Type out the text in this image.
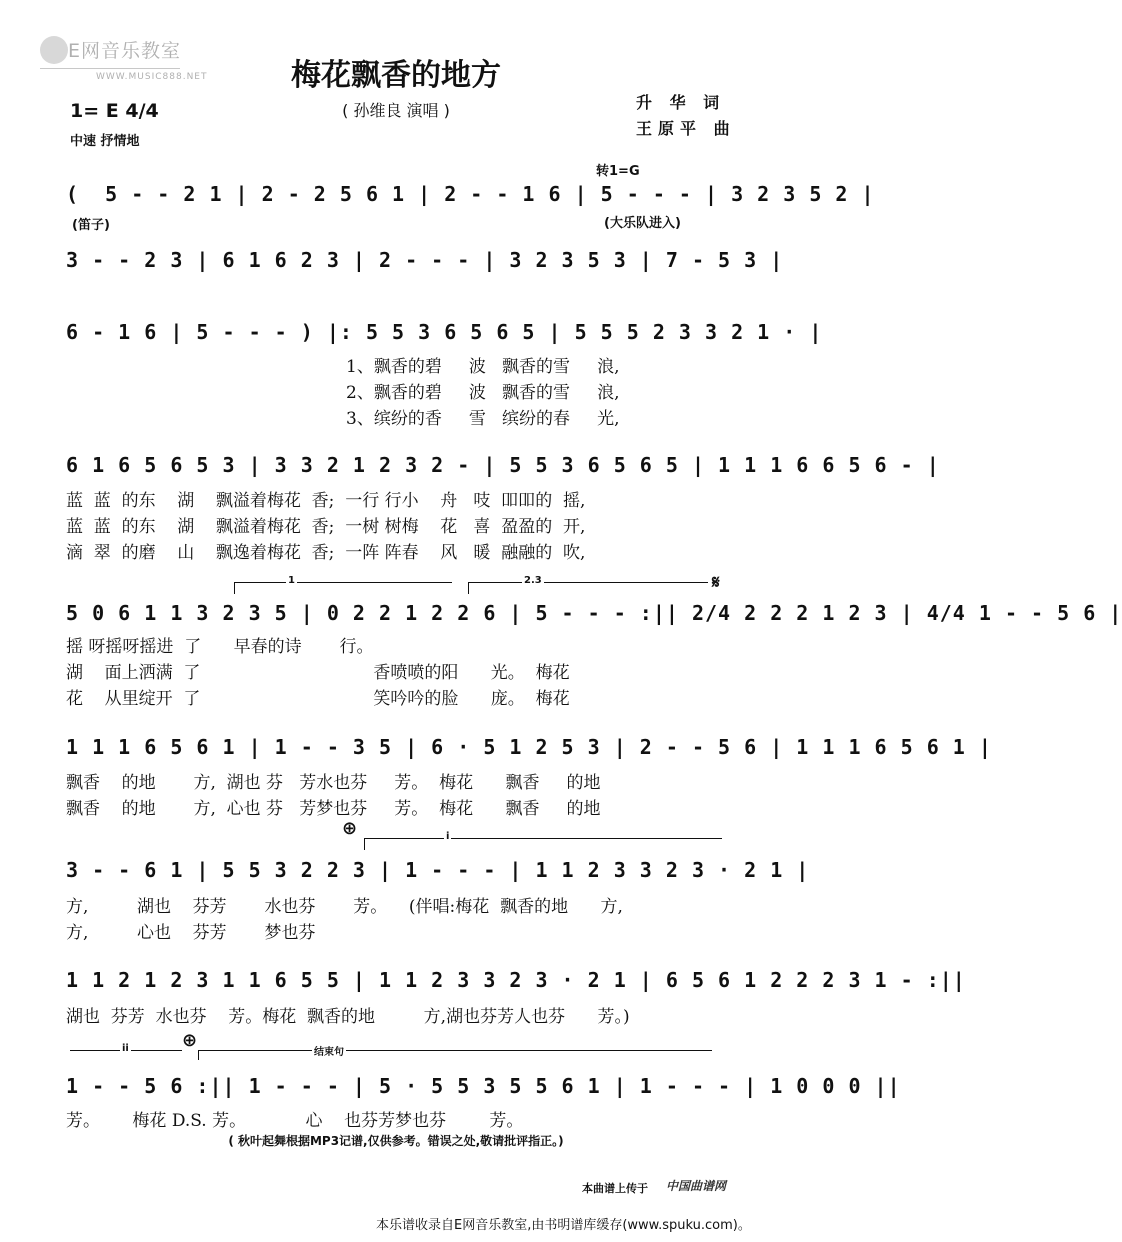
E网音乐教室
WWW.MUSIC888.NET	梅花飘香的地方
( 孙维良 演唱 )
1= E 4/4
中速 抒情地
升 华 词
王原平 曲
转1=G
(  5 - - 2 1 | 2 - 2 5 6 1 | 2 - - 1 6 | 5 - - - | 3 2 3 5 2 |
(笛子)	(大乐队进入)
3 - - 2 3 | 6 1 6 2 3 | 2 - - - | 3 2 3 5 3 | 7 - 5 3 |
6 - 1 6 | 5 - - - ) |: 5 5 3 6 5 6 5 | 5 5 5 2 3 3 2 1 · |
1、飘香的碧     波   飘香的雪     浪,
2、飘香的碧     波   飘香的雪     浪,
3、缤纷的香     雪   缤纷的春     光,
6 1 6 5 6 5 3 | 3 3 2 1 2 3 2 - | 5 5 3 6 5 6 5 | 1 1 1 6 6 5 6 - |
蓝  蓝  的东    湖    飘溢着梅花  香;  一行 行小    舟   吱  吅吅的  摇,
蓝  蓝  的东    湖    飘溢着梅花  香;  一树 树梅    花   喜  盈盈的  开,
滴  翠  的磨    山    飘逸着梅花  香;  一阵 阵春    风   暖  融融的  吹,
1	2.3	𝄋
5 0 6 1 1 3 2 3 5 | 0 2 2 1 2 2 6 | 5 - - - :|| 2/4 2 2 2 1 2 3 | 4/4 1 - - 5 6 |
摇 呀摇呀摇进  了      早春的诗       行。
湖    面上洒满  了                                香喷喷的阳      光。  梅花
花    从里绽开  了                                笑吟吟的脸      庞。  梅花
1 1 1 6 5 6 1 | 1 - - 3 5 | 6 · 5 1 2 5 3 | 2 - - 5 6 | 1 1 1 6 5 6 1 |
飘香    的地       方,  湖也 芬   芳水也芬     芳。  梅花      飘香     的地
飘香    的地       方,  心也 芬   芳梦也芬     芳。  梅花      飘香     的地
⊕	i
3 - - 6 1 | 5 5 3 2 2 3 | 1 - - - | 1 1 2 3 3 2 3 · 2 1 |
方,         湖也    芬芳       水也芬       芳。    (伴唱:梅花  飘香的地      方,
方,         心也    芬芳       梦也芬
1 1 2 1 2 3 1 1 6 5 5 | 1 1 2 3 3 2 3 · 2 1 | 6 5 6 1 2 2 2 3 1 - :||
湖也  芬芳  水也芬    芳。梅花  飘香的地         方,湖也芬芳人也芬      芳。)
ii	⊕
结束句
1 - - 5 6 :|| 1 - - - | 5 · 5 5 3 5 5 6 1 | 1 - - - | 1 0 0 0 ||
芳。      梅花 D.S. 芳。           心    也芬芳梦也芬        芳。
( 秋叶起舞根据MP3记谱,仅供参考。错误之处,敬请批评指正。)
本曲谱上传于 中国曲谱网
本乐谱收录自E网音乐教室,由书明谱库缓存(www.spuku.com)。
